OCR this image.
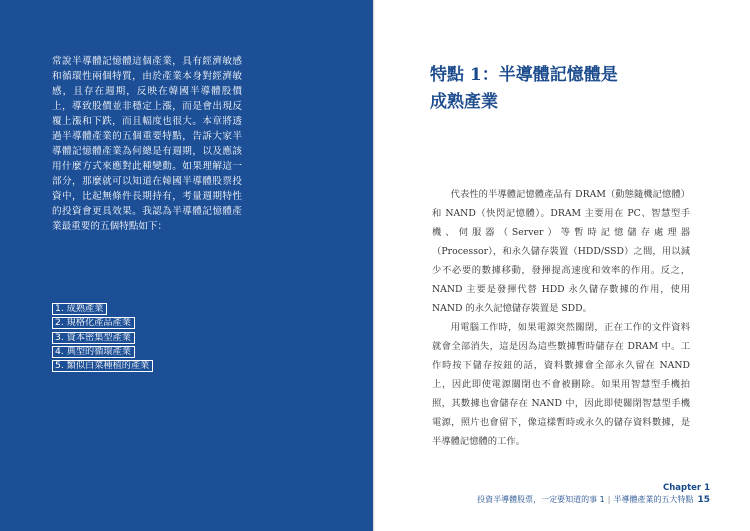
常說半導體記憶體這個產業，具有經濟敏感和循環性兩個特質，由於產業本身對經濟敏感，且存在週期，反映在韓國半導體股價上，導致股價並非穩定上漲，而是會出現反覆上漲和下跌，而且幅度也很大。本章將透過半導體產業的五個重要特點，告訴大家半導體記憶體產業為何總是有週期，以及應該用什麼方式來應對此種變動。如果理解這一部分，那麼就可以知道在韓國半導體股票投資中，比起無條件長期持有，考量週期特性的投資會更具效果。我認為半導體記憶體產業最重要的五個特點如下：

1. 成熟產業
2. 規格化產品產業
3. 資本密集型產業
4. 典型的循環產業
5. 類似白菜種植的產業
特點 1：半導體記憶體是
成熟產業

代表性的半導體記憶體產品有 DRAM（動態隨機記憶體）和 NAND（快閃記憶體）。DRAM 主要用在 PC、智慧型手機、伺服器（Server）等暫時記憶儲存處理器（Processor），和永久儲存裝置（HDD/SSD）之間，用以減少不必要的數據移動，發揮提高速度和效率的作用。反之，NAND 主要是發揮代替 HDD 永久儲存數據的作用，使用 NAND 的永久記憶儲存裝置是 SDD。

用電腦工作時，如果電源突然關閉，正在工作的文件資料就會全部消失，這是因為這些數據暫時儲存在 DRAM 中。工作時按下儲存按鈕的話，資料數據會全部永久留在 NAND 上，因此即使電源關閉也不會被刪除。如果用智慧型手機拍照，其數據也會儲存在 NAND 中，因此即使關閉智慧型手機電源，照片也會留下，像這樣暫時或永久的儲存資料數據，是半導體記憶體的工作。

Chapter 1
投資半導體股票，一定要知道的事 1 | 半導體產業的五大特點 15
